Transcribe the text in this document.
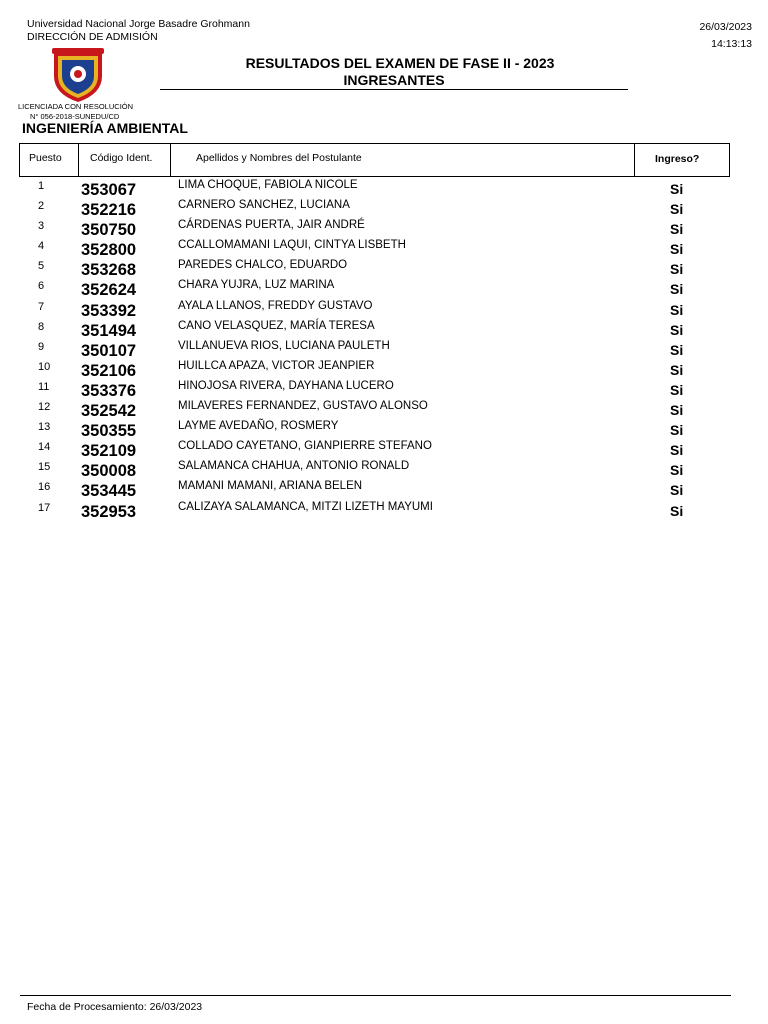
Universidad Nacional Jorge Basadre Grohmann
DIRECCIÓN DE ADMISIÓN
26/03/2023
14:13:13
LICENCIADA CON RESOLUCIÓN
N° 056-2018-SUNEDU/CD
RESULTADOS DEL EXAMEN DE FASE II - 2023
INGRESANTES
INGENIERÍA AMBIENTAL
Puesto	Código Ident.	Apellidos y Nombres del Postulante	Ingreso?
1 353067	LIMA CHOQUE, FABIOLA NICOLE	Si
2 352216	CARNERO SANCHEZ, LUCIANA	Si
3 350750	CÁRDENAS PUERTA, JAIR ANDRÉ	Si
4 352800	CCALLOMAMANI LAQUI, CINTYA LISBETH	Si
5 353268	PAREDES CHALCO, EDUARDO	Si
6 352624	CHARA YUJRA, LUZ MARINA	Si
7 353392	AYALA LLANOS, FREDDY GUSTAVO	Si
8 351494	CANO VELASQUEZ, MARÍA TERESA	Si
9 350107	VILLANUEVA RIOS, LUCIANA PAULETH	Si
10 352106	HUILLCA APAZA, VICTOR JEANPIER	Si
11 353376	HINOJOSA RIVERA, DAYHANA LUCERO	Si
12 352542	MILAVERES FERNANDEZ, GUSTAVO ALONSO	Si
13 350355	LAYME AVEDAÑO, ROSMERY	Si
14 352109	COLLADO CAYETANO, GIANPIERRE STEFANO	Si
15 350008	SALAMANCA CHAHUA, ANTONIO RONALD	Si
16 353445	MAMANI MAMANI, ARIANA BELEN	Si
17 352953	CALIZAYA SALAMANCA, MITZI LIZETH MAYUMI	Si
Fecha de Procesamiento: 26/03/2023
